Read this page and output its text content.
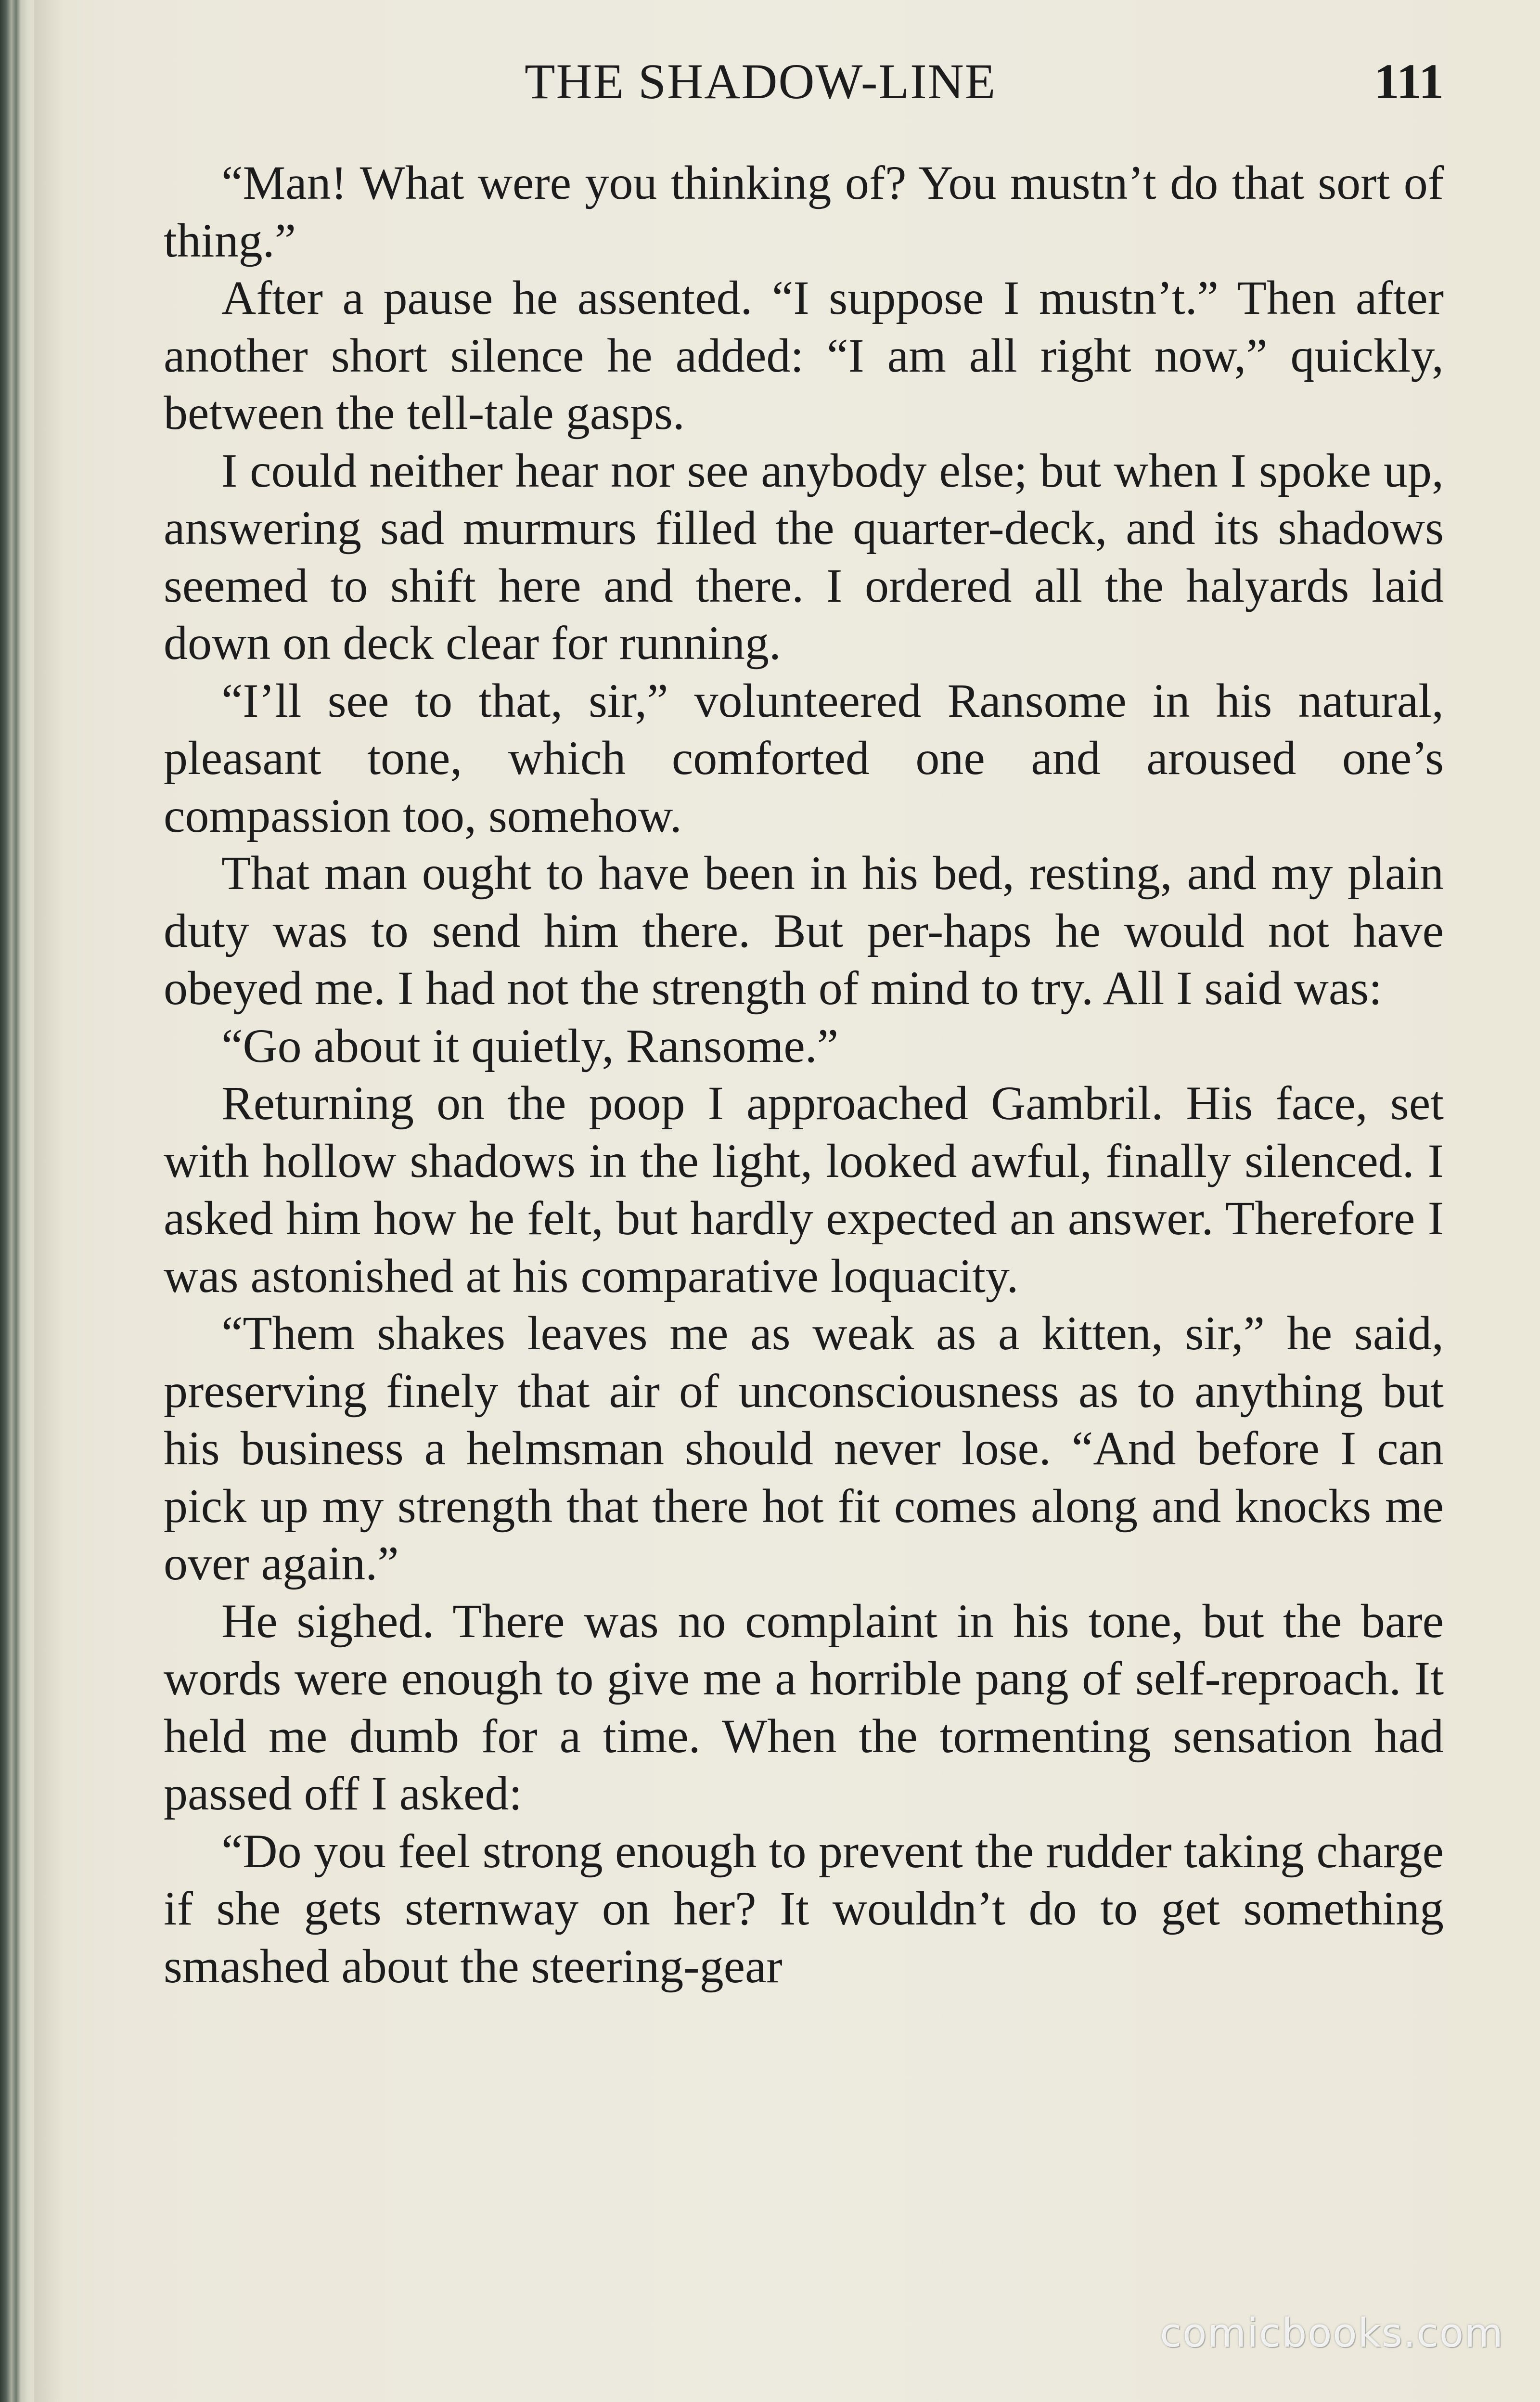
THE SHADOW-LINE	111

“Man! What were you thinking of? You mustn’t do that sort of thing.”

After a pause he assented. “I suppose I mustn’t.” Then after another short silence he added: “I am all right now,” quickly, between the tell-tale gasps.

I could neither hear nor see anybody else; but when I spoke up, answering sad murmurs filled the quarter-deck, and its shadows seemed to shift here and there. I ordered all the halyards laid down on deck clear for running.

“I’ll see to that, sir,” volunteered Ransome in his natural, pleasant tone, which comforted one and aroused one’s compassion too, somehow.

That man ought to have been in his bed, resting, and my plain duty was to send him there. But per-haps he would not have obeyed me. I had not the strength of mind to try. All I said was:

“Go about it quietly, Ransome.”

Returning on the poop I approached Gambril. His face, set with hollow shadows in the light, looked awful, finally silenced. I asked him how he felt, but hardly expected an answer. Therefore I was astonished at his comparative loquacity.

“Them shakes leaves me as weak as a kitten, sir,” he said, preserving finely that air of unconsciousness as to anything but his business a helmsman should never lose. “And before I can pick up my strength that there hot fit comes along and knocks me over again.”

He sighed. There was no complaint in his tone, but the bare words were enough to give me a horrible pang of self-reproach. It held me dumb for a time. When the tormenting sensation had passed off I asked:

“Do you feel strong enough to prevent the rudder taking charge if she gets sternway on her? It wouldn’t do to get something smashed about the steering-gear

comicbooks.com
